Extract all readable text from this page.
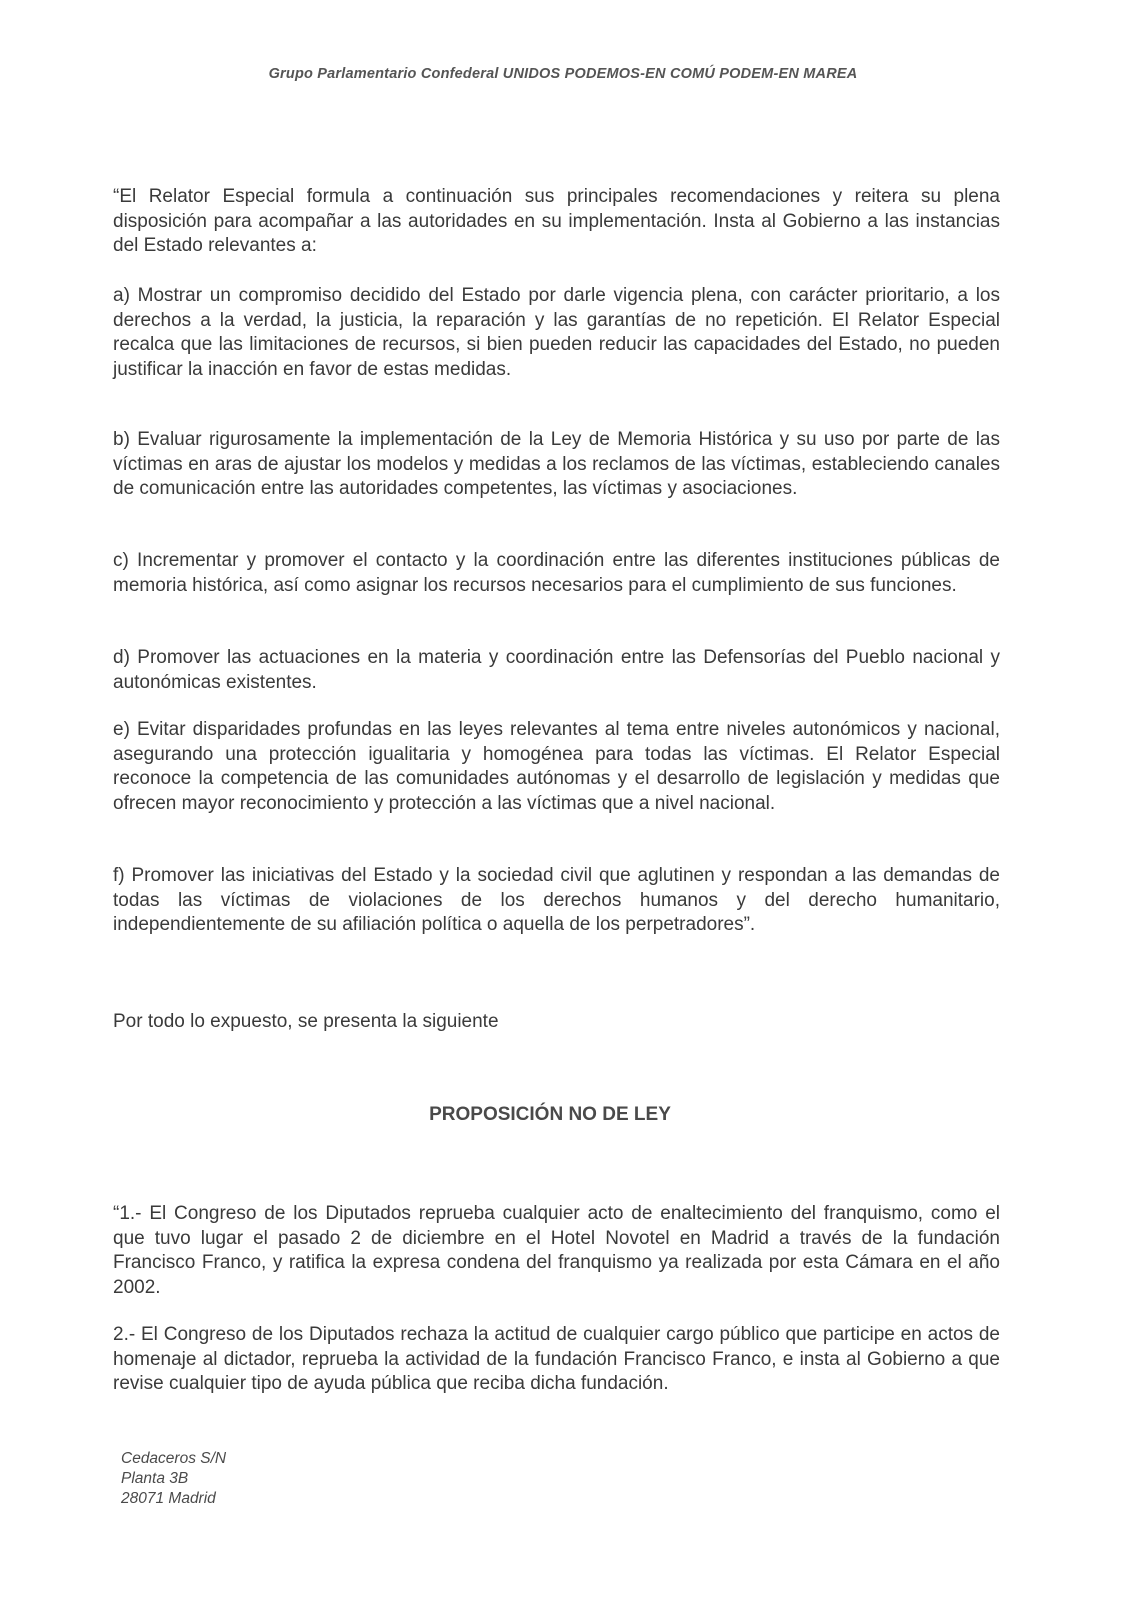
Grupo Parlamentario Confederal UNIDOS PODEMOS-EN COMÚ PODEM-EN MAREA

“El Relator Especial formula a continuación sus principales recomendaciones y reitera su plena disposición para acompañar a las autoridades en su implementación. Insta al Gobierno a las instancias del Estado relevantes a:

a) Mostrar un compromiso decidido del Estado por darle vigencia plena, con carácter prioritario, a los derechos a la verdad, la justicia, la reparación y las garantías de no repetición. El Relator Especial recalca que las limitaciones de recursos, si bien pueden reducir las capacidades del Estado, no pueden justificar la inacción en favor de estas medidas.

b) Evaluar rigurosamente la implementación de la Ley de Memoria Histórica y su uso por parte de las víctimas en aras de ajustar los modelos y medidas a los reclamos de las víctimas, estableciendo canales de comunicación entre las autoridades competentes, las víctimas y asociaciones.

c) Incrementar y promover el contacto y la coordinación entre las diferentes instituciones públicas de memoria histórica, así como asignar los recursos necesarios para el cumplimiento de sus funciones.

d) Promover las actuaciones en la materia y coordinación entre las Defensorías del Pueblo nacional y autonómicas existentes.

e) Evitar disparidades profundas en las leyes relevantes al tema entre niveles autonómicos y nacional, asegurando una protección igualitaria y homogénea para todas las víctimas. El Relator Especial reconoce la competencia de las comunidades autónomas y el desarrollo de legislación y medidas que ofrecen mayor reconocimiento y protección a las víctimas que a nivel nacional.

f) Promover las iniciativas del Estado y la sociedad civil que aglutinen y respondan a las demandas de todas las víctimas de violaciones de los derechos humanos y del derecho humanitario, independientemente de su afiliación política o aquella de los perpetradores”.

Por todo lo expuesto, se presenta la siguiente

PROPOSICIÓN NO DE LEY

“1.- El Congreso de los Diputados reprueba cualquier acto de enaltecimiento del franquismo, como el que tuvo lugar el pasado 2 de diciembre en el Hotel Novotel en Madrid a través de la fundación Francisco Franco, y ratifica la expresa condena del franquismo ya realizada por esta Cámara en el año 2002.

2.- El Congreso de los Diputados rechaza la actitud de cualquier cargo público que participe en actos de homenaje al dictador, reprueba la actividad de la fundación Francisco Franco, e insta al Gobierno a que revise cualquier tipo de ayuda pública que reciba dicha fundación.

Cedaceros S/N
Planta 3B
28071 Madrid
